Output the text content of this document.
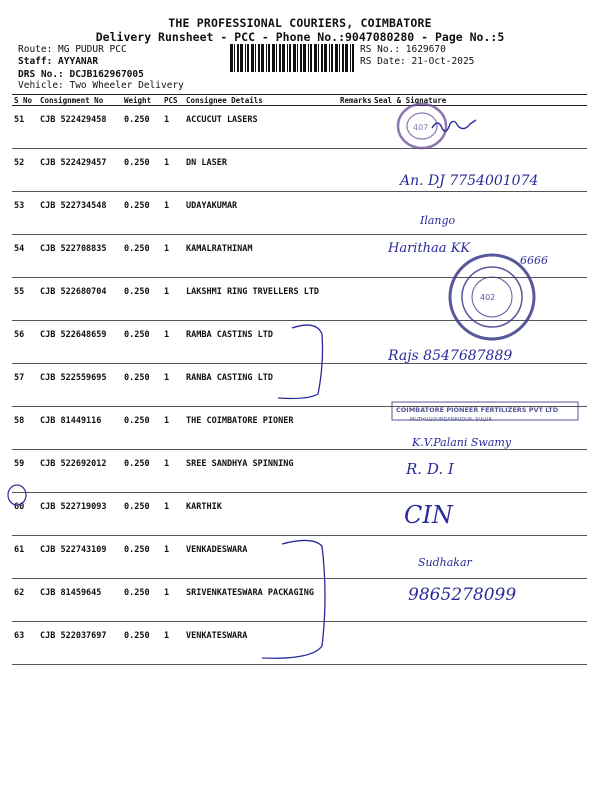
THE PROFESSIONAL COURIERS, COIMBATORE
Delivery Runsheet - PCC - Phone No.:9047080280 - Page No.:5
Route: MG PUDUR PCC
Staff: AYYANAR
DRS No.: DCJB162967005
Vehicle: Two Wheeler Delivery
RS No.: 1629670
RS Date: 21-Oct-2025
S No	Consignment No	Weight	PCS	Consignee Details	Remarks	Seal & Signature
51	CJB 522429458	0.250	1	ACCUCUT LASERS		
52	CJB 522429457	0.250	1	DN LASER		
53	CJB 522734548	0.250	1	UDAYAKUMAR		
54	CJB 522708835	0.250	1	KAMALRATHINAM		
55	CJB 522680704	0.250	1	LAKSHMI RING TRVELLERS LTD		
56	CJB 522648659	0.250	1	RAMBA CASTINS LTD		
57	CJB 522559695	0.250	1	RANBA CASTING LTD		
58	CJB 81449116	0.250	1	THE COIMBATORE PIONER		
59	CJB 522692012	0.250	1	SREE SANDHYA SPINNING		
60	CJB 522719093	0.250	1	KARTHIK		
61	CJB 522743109	0.250	1	VENKADESWARA		
62	CJB 81459645	0.250	1	SRIVENKATESWARA PACKAGING		
63	CJB 522037697	0.250	1	VENKATESWARA		
407
An. DJ 7754001074
Ilango
Harithaa KK
6666
402
Rajs 8547687889
COIMBATORE PIONEER FERTILIZERS PVT LTD
MUTHUGOUNDANPUDUR, SULUR
K.V.Palani Swamy
R. D. I
CIN
Sudhakar
9865278099
